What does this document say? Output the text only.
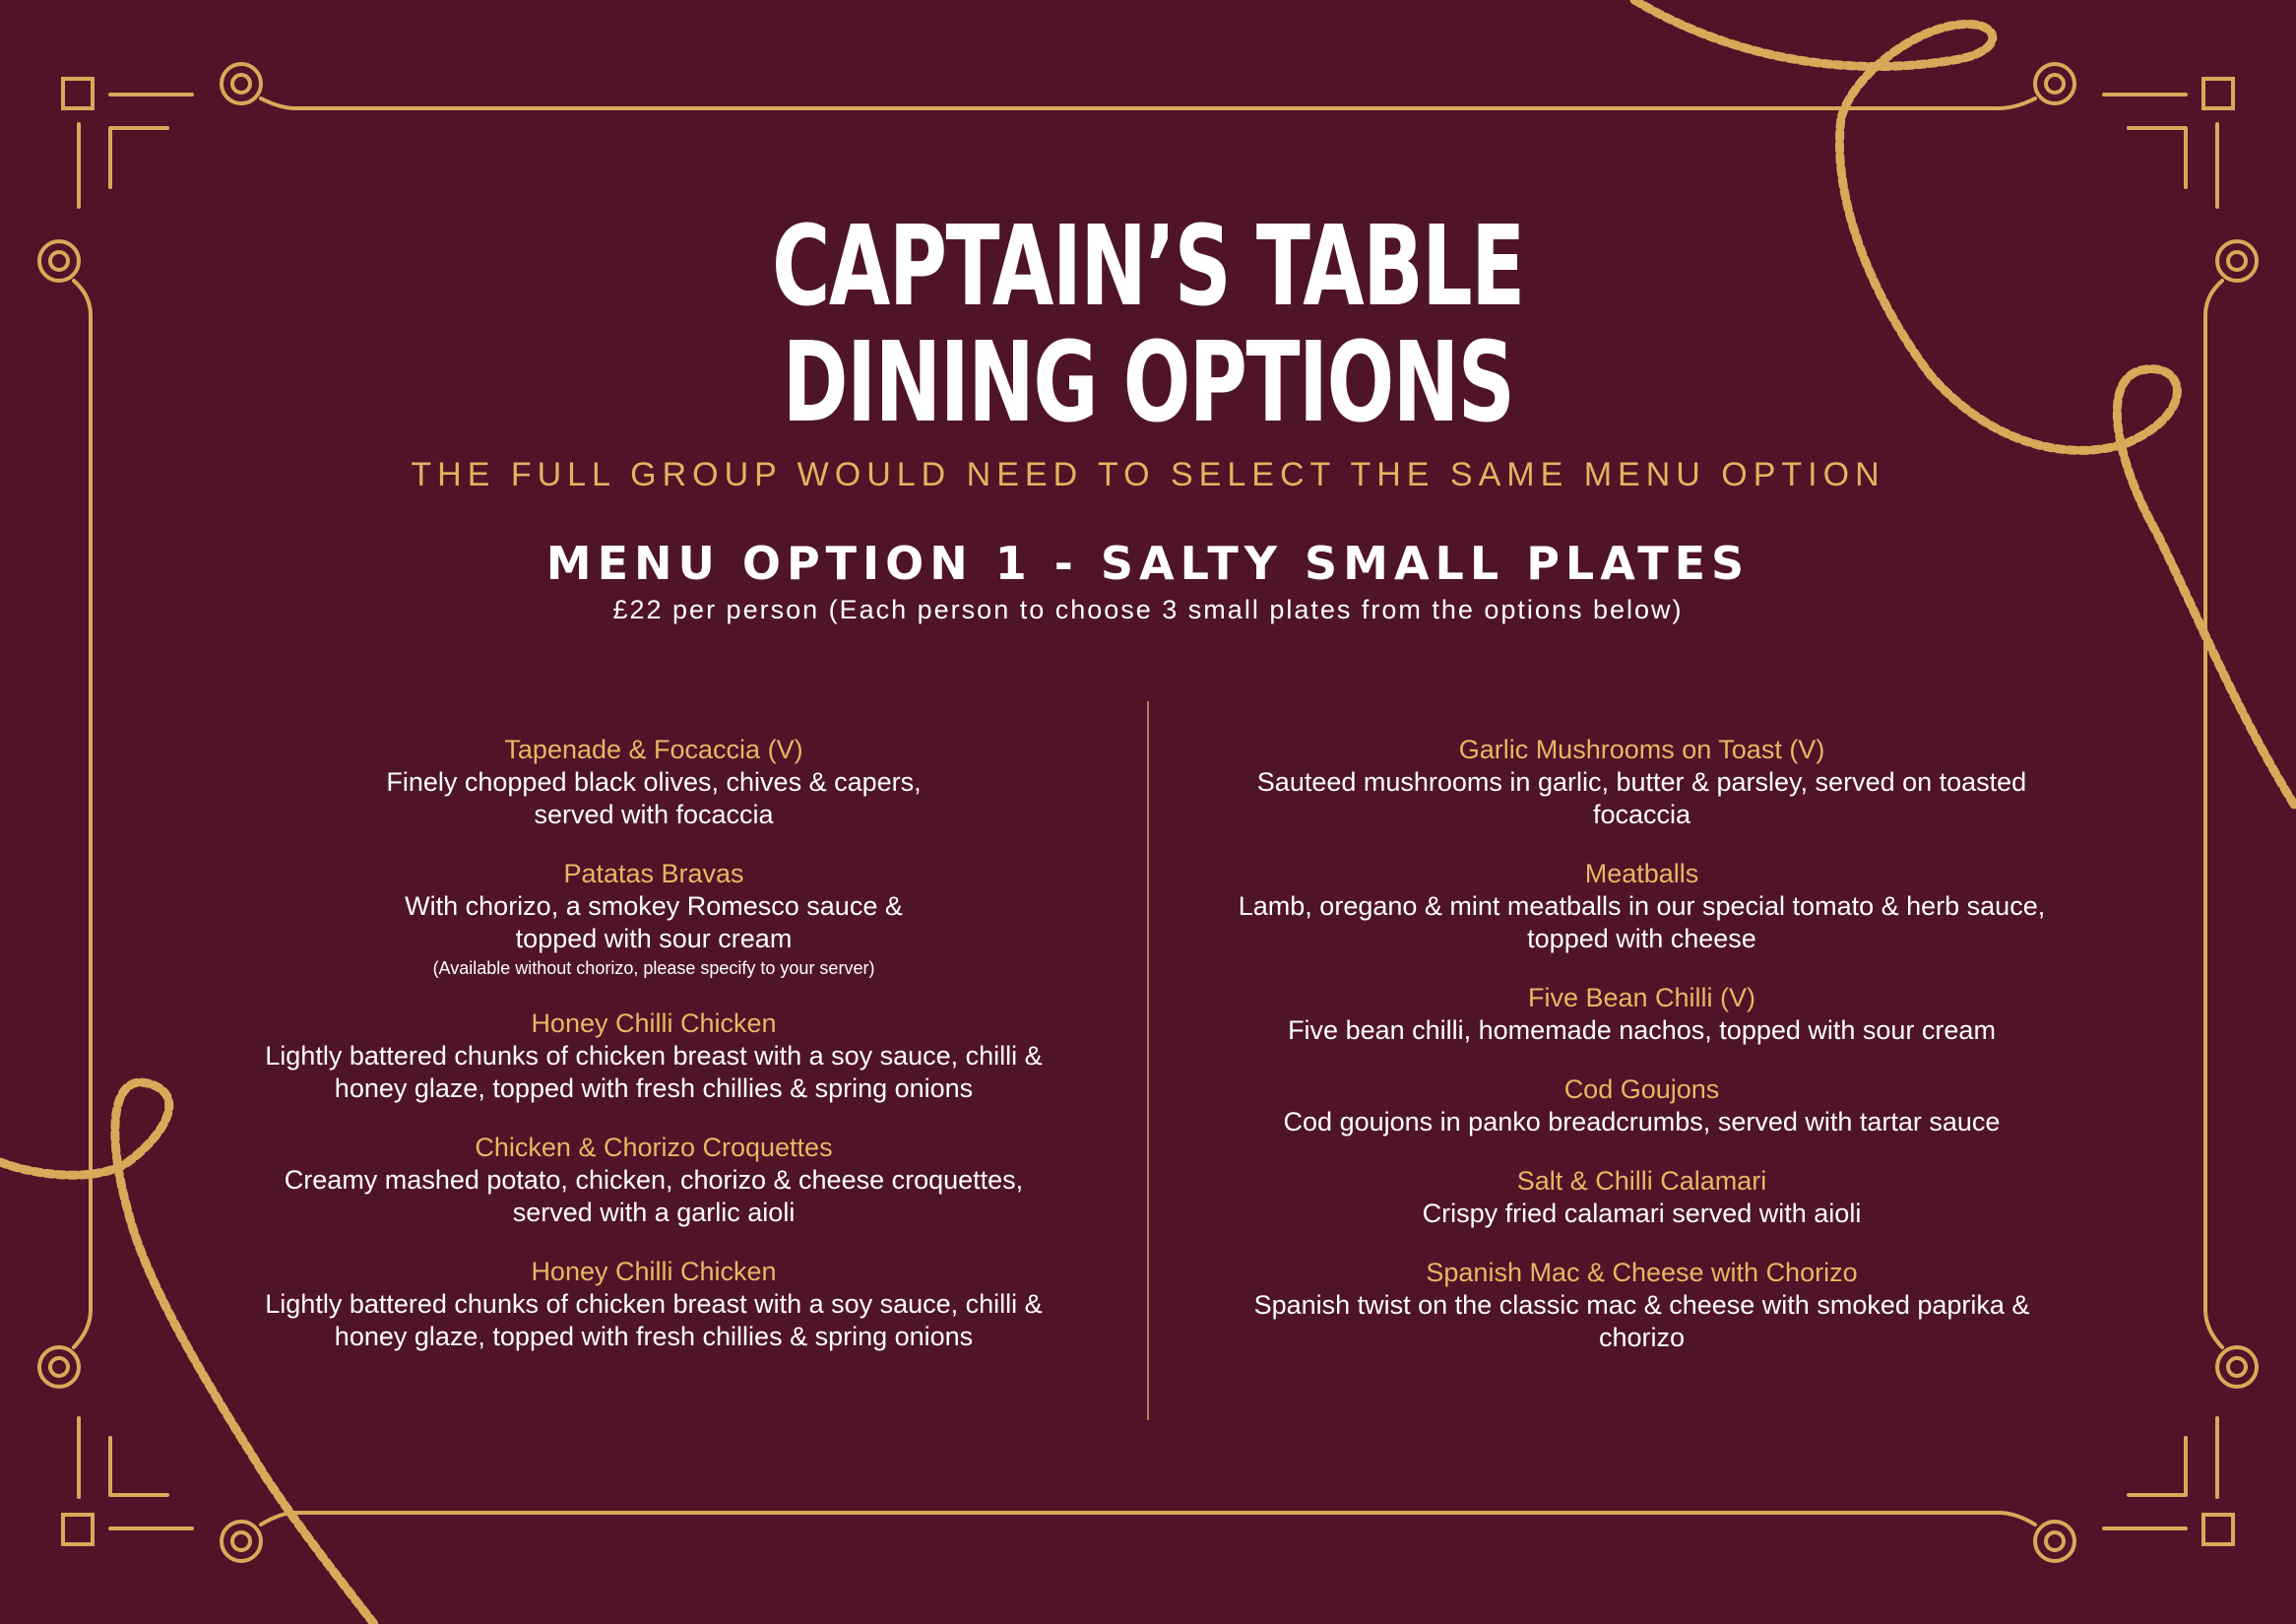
CAPTAIN’S TABLE
DINING OPTIONS
THE FULL GROUP WOULD NEED TO SELECT THE SAME MENU OPTION
MENU OPTION 1 - SALTY SMALL PLATES
£22 per person (Each person to choose 3 small plates from the options below)
Tapenade & Focaccia (V)
Finely chopped black olives, chives & capers,
served with focaccia
Patatas Bravas
With chorizo, a smokey Romesco sauce &
topped with sour cream
(Available without chorizo, please specify to your server)
Honey Chilli Chicken
Lightly battered chunks of chicken breast with a soy sauce, chilli &
honey glaze, topped with fresh chillies & spring onions
Chicken & Chorizo Croquettes
Creamy mashed potato, chicken, chorizo & cheese croquettes,
served with a garlic aioli
Honey Chilli Chicken
Lightly battered chunks of chicken breast with a soy sauce, chilli &
honey glaze, topped with fresh chillies & spring onions
Garlic Mushrooms on Toast (V)
Sauteed mushrooms in garlic, butter & parsley, served on toasted
focaccia
Meatballs
Lamb, oregano & mint meatballs in our special tomato & herb sauce,
topped with cheese
Five Bean Chilli (V)
Five bean chilli, homemade nachos, topped with sour cream
Cod Goujons
Cod goujons in panko breadcrumbs, served with tartar sauce
Salt & Chilli Calamari
Crispy fried calamari served with aioli
Spanish Mac & Cheese with Chorizo
Spanish twist on the classic mac & cheese with smoked paprika &
chorizo
